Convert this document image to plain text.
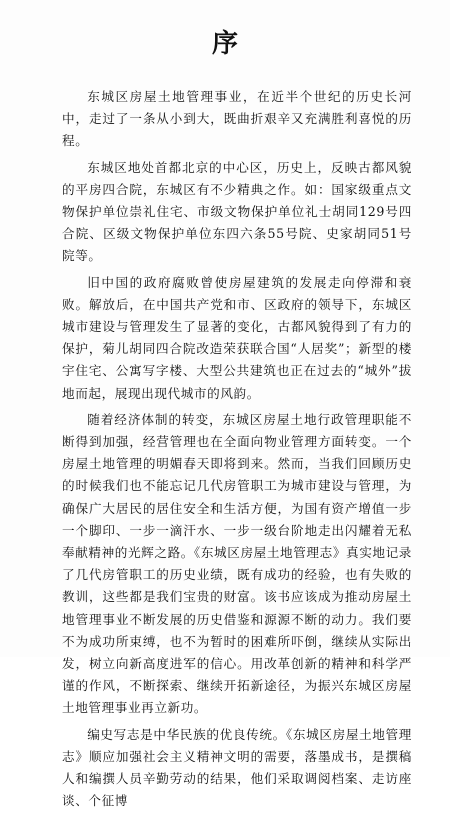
序

东城区房屋土地管理事业，在近半个世纪的历史长河中，走过了一条从小到大，既曲折艰辛又充满胜利喜悦的历程。

东城区地处首都北京的中心区，历史上，反映古都风貌的平房四合院，东城区有不少精典之作。如：国家级重点文物保护单位崇礼住宅、市级文物保护单位礼士胡同129号四合院、区级文物保护单位东四六条55号院、史家胡同51号院等。

旧中国的政府腐败曾使房屋建筑的发展走向停滞和衰败。解放后，在中国共产党和市、区政府的领导下，东城区城市建设与管理发生了显著的变化，古都风貌得到了有力的保护，菊儿胡同四合院改造荣获联合国“人居奖”；新型的楼宇住宅、公寓写字楼、大型公共建筑也正在过去的“城外”拔地而起，展现出现代城市的风韵。

随着经济体制的转变，东城区房屋土地行政管理职能不断得到加强，经营管理也在全面向物业管理方面转变。一个房屋土地管理的明媚春天即将到来。然而，当我们回顾历史的时候我们也不能忘记几代房管职工为城市建设与管理，为确保广大居民的居住安全和生活方便，为国有资产增值一步一个脚印、一步一滴汗水、一步一级台阶地走出闪耀着无私奉献精神的光辉之路。《东城区房屋土地管理志》真实地记录了几代房管职工的历史业绩，既有成功的经验，也有失败的教训，这些都是我们宝贵的财富。该书应该成为推动房屋土地管理事业不断发展的历史借鉴和源源不断的动力。我们要不为成功所束缚，也不为暂时的困难所吓倒，继续从实际出发，树立向新高度进军的信心。用改革创新的精神和科学严谨的作风，不断探索、继续开拓新途径，为振兴东城区房屋土地管理事业再立新功。

编史写志是中华民族的优良传统。《东城区房屋土地管理志》顺应加强社会主义精神文明的需要，落墨成书，是撰稿人和编撰人员辛勤劳动的结果，他们采取调阅档案、走访座谈、个征博
